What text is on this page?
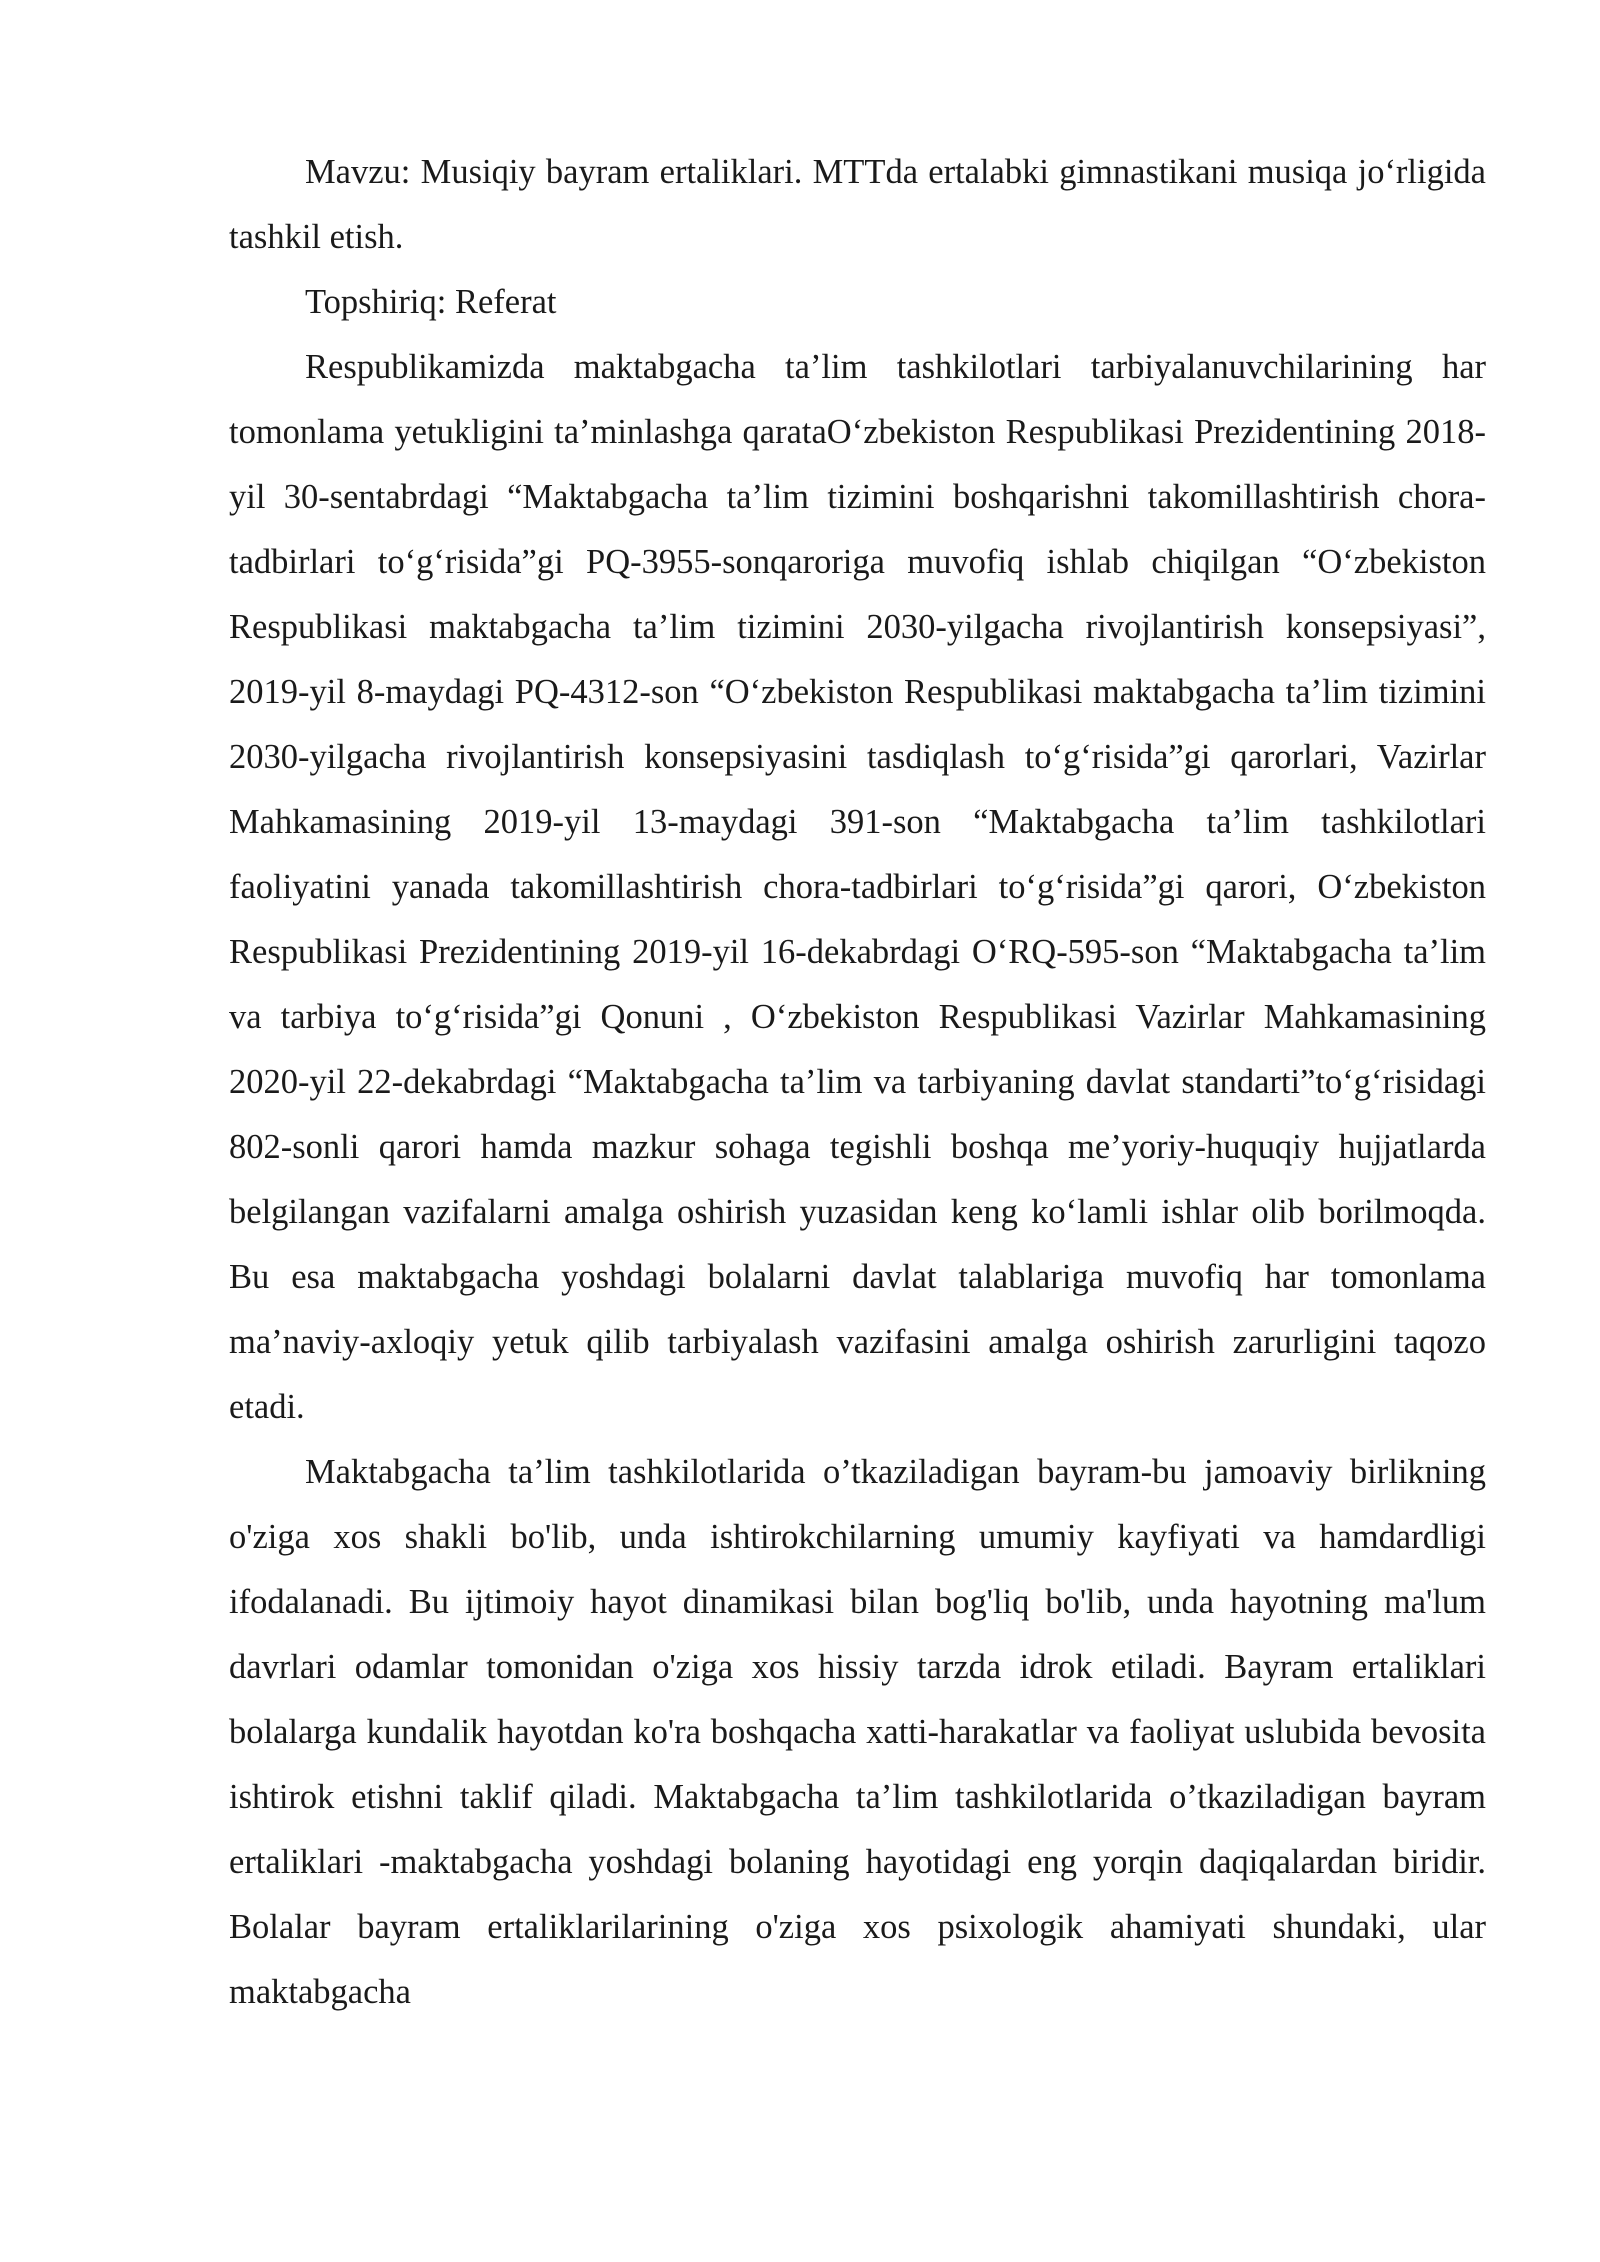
Mavzu: Musiqiy bayram ertaliklari. MTTda ertalabki gimnastikani musiqa jo‘rligida tashkil etish.

Topshiriq: Referat

Respublikamizda maktabgacha ta’lim tashkilotlari tarbiyalanuvchilarining har tomonlama yetukligini ta’minlashga qarataO‘zbekiston Respublikasi Prezidentining 2018-yil 30-sentabrdagi “Maktabgacha ta’lim tizimini boshqarishni takomillashtirish chora-tadbirlari to‘g‘risida”gi PQ-3955-sonqaroriga muvofiq ishlab chiqilgan “O‘zbekiston Respublikasi maktabgacha ta’lim tizimini 2030-yilgacha rivojlantirish konsepsiyasi”, 2019-yil 8-maydagi PQ-4312-son “O‘zbekiston Respublikasi maktabgacha ta’lim tizimini 2030-yilgacha rivojlantirish konsepsiyasini tasdiqlash to‘g‘risida”gi qarorlari, Vazirlar Mahkamasining 2019-yil 13-maydagi 391-son “Maktabgacha ta’lim tashkilotlari faoliyatini yanada takomillashtirish chora-tadbirlari to‘g‘risida”gi qarori, O‘zbekiston Respublikasi Prezidentining 2019-yil 16-dekabrdagi O‘RQ-595-son “Maktabgacha ta’lim va tarbiya to‘g‘risida”gi Qonuni , O‘zbekiston Respublikasi Vazirlar Mahkamasining 2020-yil 22-dekabrdagi “Maktabgacha ta’lim va tarbiyaning davlat standarti”to‘g‘risidagi 802-sonli qarori hamda mazkur sohaga tegishli boshqa me’yoriy-huquqiy hujjatlarda belgilangan vazifalarni amalga oshirish yuzasidan keng ko‘lamli ishlar olib borilmoqda. Bu esa maktabgacha yoshdagi bolalarni davlat talablariga muvofiq har tomonlama ma’naviy-axloqiy yetuk qilib tarbiyalash vazifasini amalga oshirish zarurligini taqozo etadi.

Maktabgacha ta’lim tashkilotlarida o’tkaziladigan bayram-bu jamoaviy birlikning o'ziga xos shakli bo'lib, unda ishtirokchilarning umumiy kayfiyati va hamdardligi ifodalanadi. Bu ijtimoiy hayot dinamikasi bilan bog'liq bo'lib, unda hayotning ma'lum davrlari odamlar tomonidan o'ziga xos hissiy tarzda idrok etiladi. Bayram ertaliklari bolalarga kundalik hayotdan ko'ra boshqacha xatti-harakatlar va faoliyat uslubida bevosita ishtirok etishni taklif qiladi. Maktabgacha ta’lim tashkilotlarida o’tkaziladigan bayram ertaliklari -maktabgacha yoshdagi bolaning hayotidagi eng yorqin daqiqalardan biridir. Bolalar bayram ertaliklarilarining o'ziga xos psixologik ahamiyati shundaki, ular maktabgacha
